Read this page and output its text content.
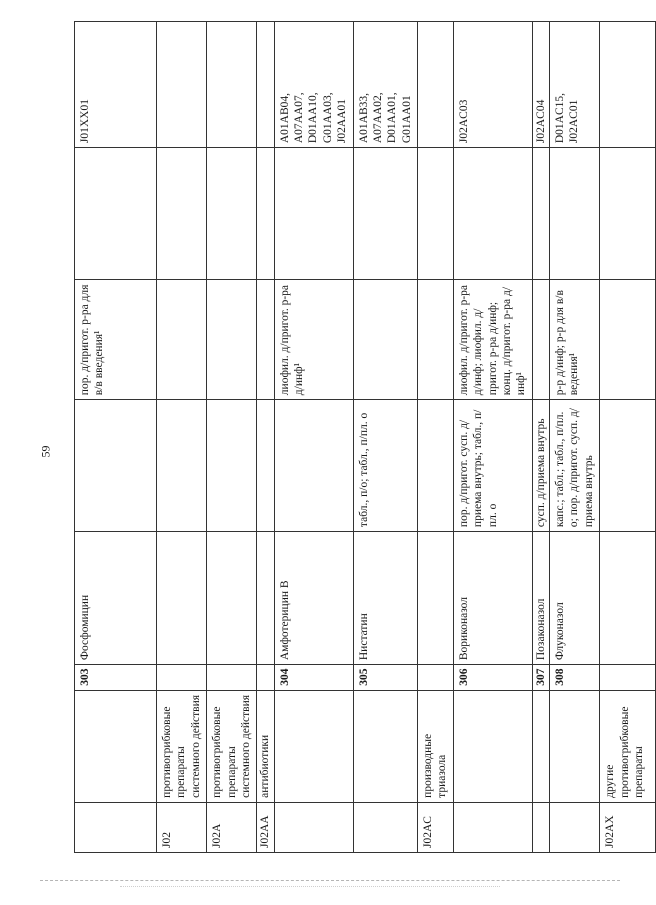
59
		303	Фосфомицин		пор. д/пригот. р-ра для в/в введения¹		J01XX01

J02	противогрибковые препараты системного действия						
J02A	противогрибковые препараты системного действия						
J02AA	антибиотики						
		304	Амфотерицин В		лиофил. д/пригот. р-ра д/инф¹		A01AB04, A07AA07, D01AA10, G01AA03, J02AA01

		305	Нистатин	табл., п/о; табл., п/пл. о			A01AB33, A07AA02, D01AA01, G01AA01

J02AC	производные триазола						
		306	Вориконазол	пор. д/пригот. сусп. д/приема внутрь; табл., п/пл. о	лиофил. д/пригот. р-ра д/инф; лиофил. д/пригот. р-ра д/инф; конц. д/пригот. р-ра д/инф¹		J02AC03

		307	Позаконазол	сусп. д/приема внутрь			J02AC04

		308	Флуконазол	капс.; табл.; табл., п/пл. о; пор. д/пригот. сусп. д/приема внутрь	р-р д/инф; р-р для в/в ведения¹		D01AC15, J02AC01

J02AX	другие противогрибковые препараты						
